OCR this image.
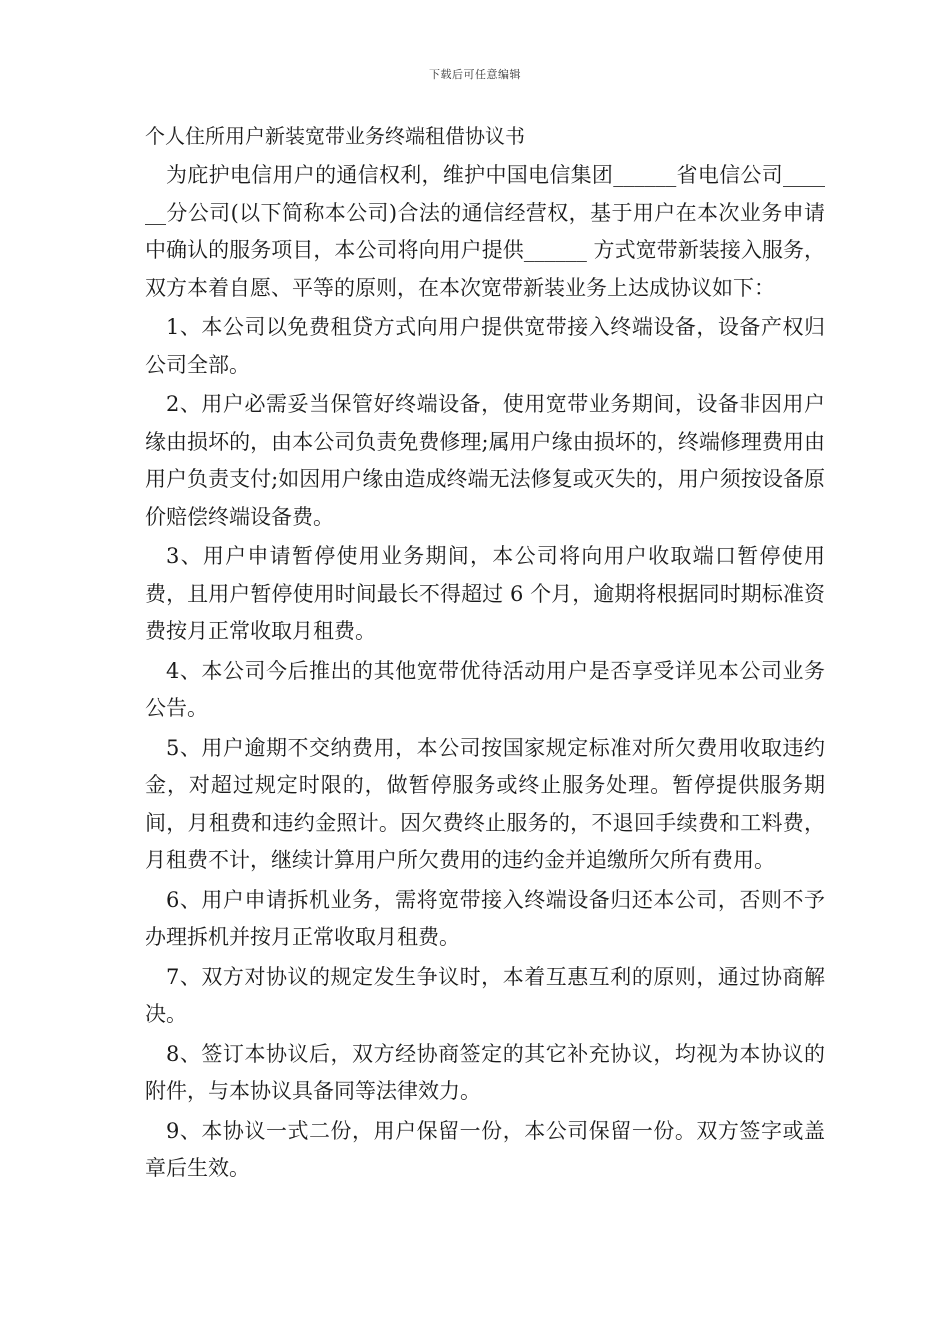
下载后可任意编辑
个人住所用户新装宽带业务终端租借协议书

为庇护电信用户的通信权利，维护中国电信集团______省电信公司______分公司(以下简称本公司)合法的通信经营权，基于用户在本次业务申请中确认的服务项目，本公司将向用户提供______ 方式宽带新装接入服务，双方本着自愿、平等的原则，在本次宽带新装业务上达成协议如下：

1、本公司以免费租贷方式向用户提供宽带接入终端设备，设备产权归公司全部。

2、用户必需妥当保管好终端设备，使用宽带业务期间，设备非因用户缘由损坏的，由本公司负责免费修理;属用户缘由损坏的，终端修理费用由用户负责支付;如因用户缘由造成终端无法修复或灭失的，用户须按设备原价赔偿终端设备费。

3、用户申请暂停使用业务期间，本公司将向用户收取端口暂停使用费，且用户暂停使用时间最长不得超过 6 个月，逾期将根据同时期标准资费按月正常收取月租费。

4、本公司今后推出的其他宽带优待活动用户是否享受详见本公司业务公告。

5、用户逾期不交纳费用，本公司按国家规定标准对所欠费用收取违约金，对超过规定时限的，做暂停服务或终止服务处理。暂停提供服务期间，月租费和违约金照计。因欠费终止服务的，不退回手续费和工料费，月租费不计，继续计算用户所欠费用的违约金并追缴所欠所有费用。

6、用户申请拆机业务，需将宽带接入终端设备归还本公司，否则不予办理拆机并按月正常收取月租费。

7、双方对协议的规定发生争议时，本着互惠互利的原则，通过协商解决。

8、签订本协议后，双方经协商签定的其它补充协议，均视为本协议的附件，与本协议具备同等法律效力。

9、本协议一式二份，用户保留一份，本公司保留一份。双方签字或盖章后生效。
